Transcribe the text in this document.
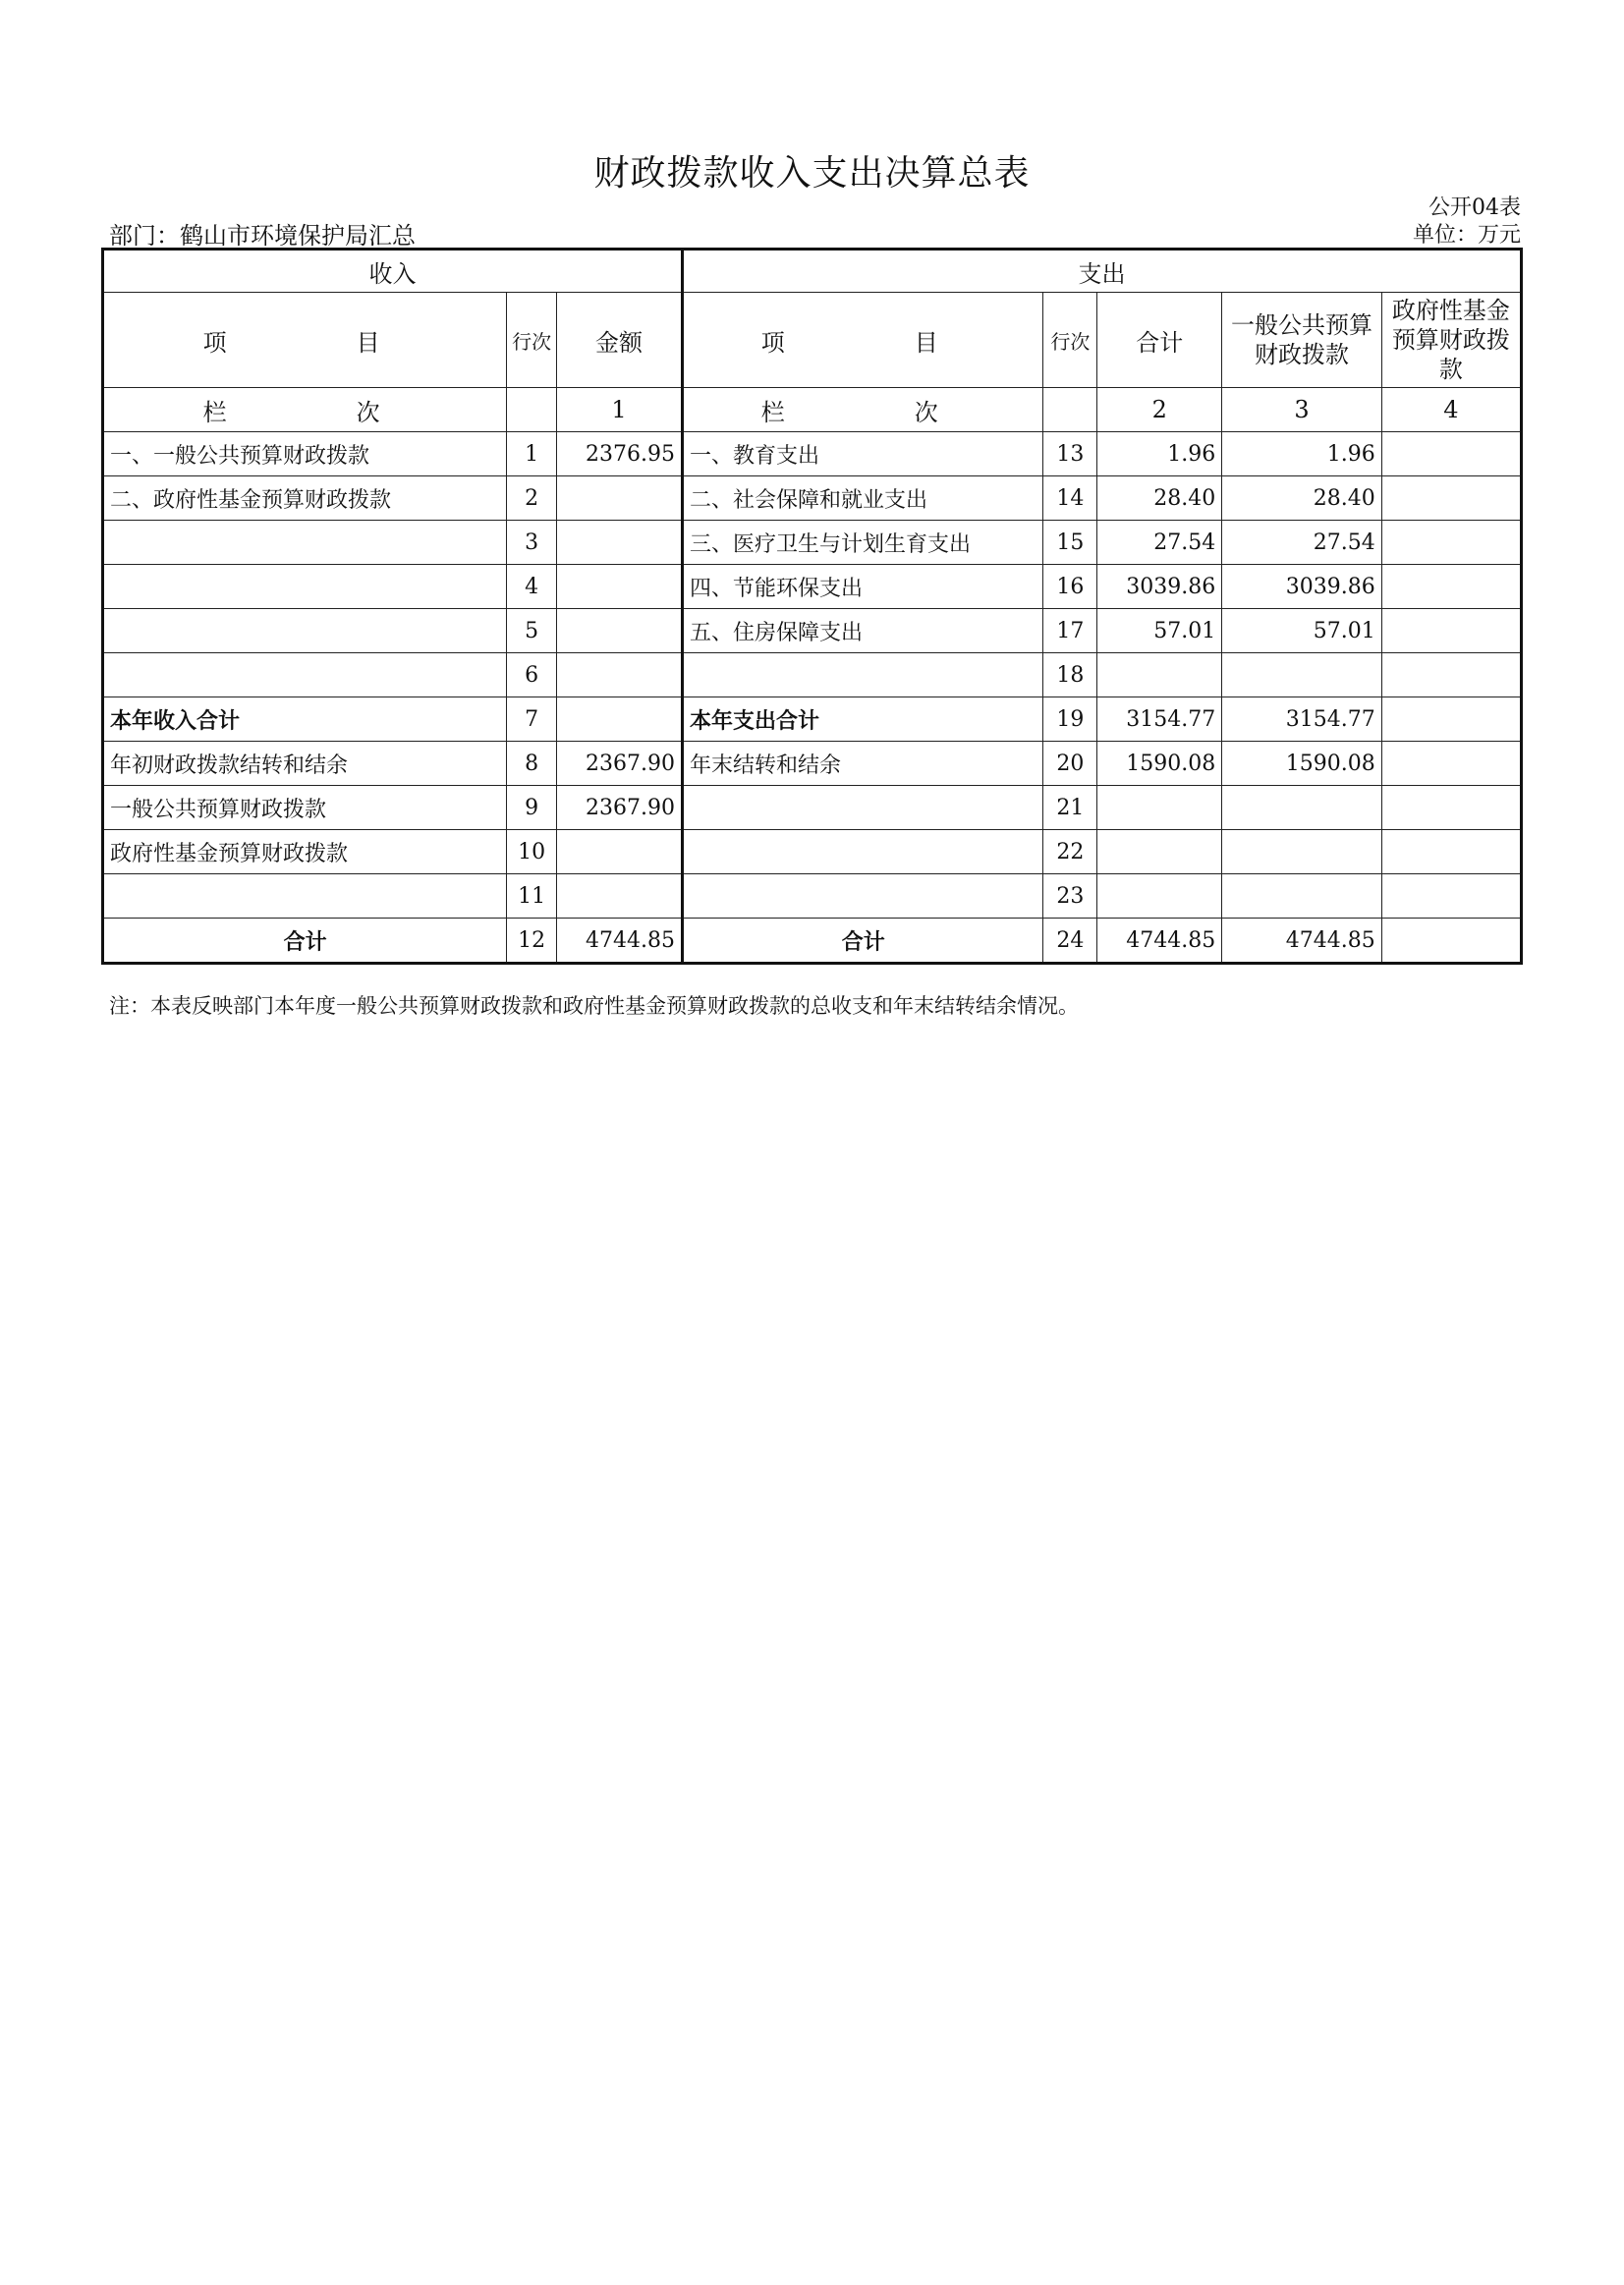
财政拨款收入支出决算总表
公开04表
部门：鹤山市环境保护局汇总	单位：万元
收入			支出				
项　　目	行次	金额	项　　目	行次	合计	一般公共预算财政拨款	政府性基金预算财政拨款
栏　　次		1	栏　　次		2	3	4
一、一般公共预算财政拨款	1	2376.95	一、教育支出	13	1.96	1.96	
二、政府性基金预算财政拨款	2		二、社会保障和就业支出	14	28.40	28.40	
	3		三、医疗卫生与计划生育支出	15	27.54	27.54	
	4		四、节能环保支出	16	3039.86	3039.86	
	5		五、住房保障支出	17	57.01	57.01	
	6			18			
本年收入合计	7		本年支出合计	19	3154.77	3154.77	
年初财政拨款结转和结余	8	2367.90	年末结转和结余	20	1590.08	1590.08	
一般公共预算财政拨款	9	2367.90		21			
政府性基金预算财政拨款	10			22			
	11			23			
合计	12	4744.85	合计	24	4744.85	4744.85	
注：本表反映部门本年度一般公共预算财政拨款和政府性基金预算财政拨款的总收支和年末结转结余情况。
